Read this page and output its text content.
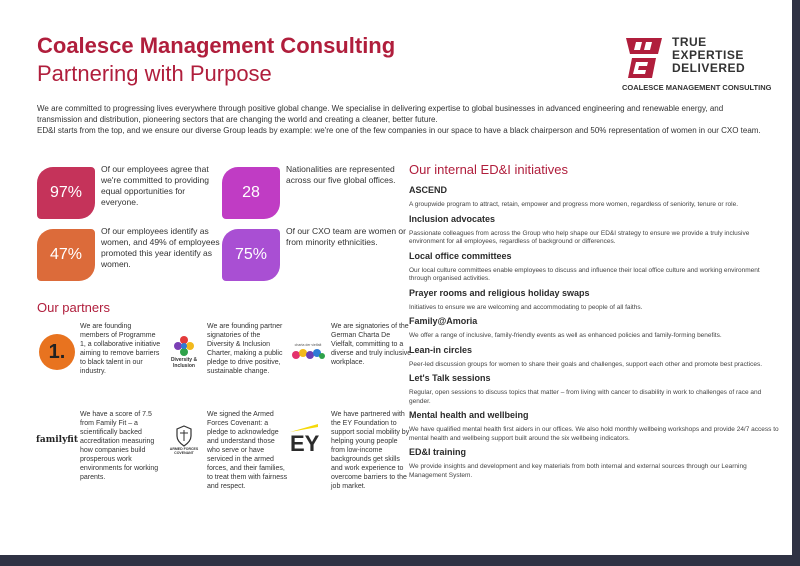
Coalesce Management Consulting
Partnering with Purpose
TRUE
EXPERTISE
DELIVERED
COALESCE MANAGEMENT CONSULTING

We are committed to progressing lives everywhere through positive global change. We specialise in delivering expertise to global businesses in advanced engineering and renewable energy, and transmission and distribution, pioneering sectors that are changing the world and creating a cleaner, better future.

ED&I starts from the top, and we ensure our diverse Group leads by example: we're one of the few companies in our space to have a black chairperson and 50% representation of women in our CXO team.

97%
Of our employees agree that we're committed to providing equal opportunities for everyone.
28
Nationalities are represented across our five global offices.
47%
Of our employees identify as women, and 49% of employees promoted this year identify as women.
75%
Of our CXO team are women or from minority ethnicities.
Our partners
1.
We are founding members of Programme 1, a collaborative initiative aiming to remove barriers to black talent in our industry.
Diversity & Inclusion
We are founding partner signatories of the Diversity & Inclusion Charter, making a public pledge to drive positive, sustainable change.
charta der vielfalt
We are signatories of the German Charta De Vielfalt, committing to a diverse and truly inclusive workplace.
familyfit
We have a score of 7.5 from Family Fit – a scientifically backed accreditation measuring how companies build prosperous work environments for working parents.
ARMED FORCES COVENANT
We signed the Armed Forces Covenant: a pledge to acknowledge and understand those who serve or have serviced in the armed forces, and their families, to treat them with fairness and respect.
EY
We have partnered with the EY Foundation to support social mobility by helping young people from low-income backgrounds get skills and work experience to overcome barriers to the job market.
Our internal ED&I initiatives

ASCEND

A groupwide program to attract, retain, empower and progress more women, regardless of seniority, tenure or role.

Inclusion advocates

Passionate colleagues from across the Group who help shape our ED&I strategy to ensure we provide a truly inclusive environment for all employees, regardless of background or differences.

Local office committees

Our local culture committees enable employees to discuss and influence their local office culture and working environment through organised activities.

Prayer rooms and religious holiday swaps

Initiatives to ensure we are welcoming and accommodating to people of all faiths.

Family@Amoria

We offer a range of inclusive, family-friendly events as well as enhanced policies and family-forming benefits.

Lean-in circles

Peer-led discussion groups for women to share their goals and challenges, support each other and promote best practices.

Let's Talk sessions

Regular, open sessions to discuss topics that matter – from living with cancer to disability in work to challenges of race and gender.

Mental health and wellbeing

We have qualified mental health first aiders in our offices. We also hold monthly wellbeing workshops and provide 24/7 access to mental health and wellbeing support built around the six wellbeing indicators.

ED&I training

We provide insights and development and key materials from both internal and external sources through our Learning Management System.
